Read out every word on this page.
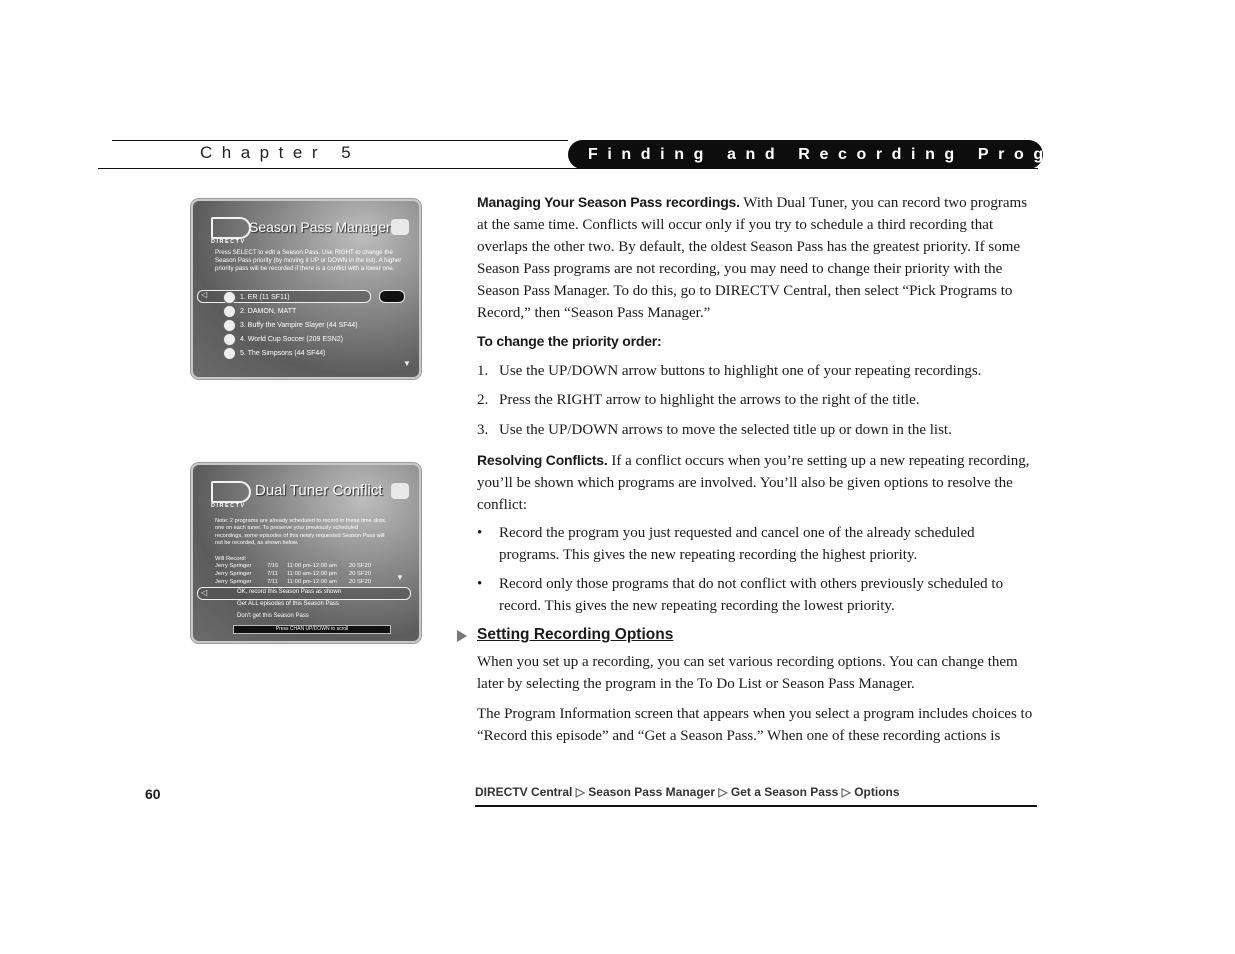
Chapter 5	Finding and Recording Programs
DIRECTV
Season Pass Manager
Press SELECT to edit a Season Pass. Use RIGHT to change the Season Pass priority (by moving it UP or DOWN in the list). A higher priority pass will be recorded if there is a conflict with a lower one.
◁	1. ER (11 SF11)
2. DAMON, MATT
3. Buffy the Vampire Slayer (44 SF44)
4. World Cup Soccer (209 ESN2)
5. The Simpsons (44 SF44)
▼
DIRECTV
Dual Tuner Conflict
Note: 2 programs are already scheduled to record in these time slots, one on each tuner. To preserve your previously scheduled recordings, some episodes of this newly requested Season Pass will not be recorded, as shown below.
Will Record:
Jerry Springer	7/10	11:00 pm-12:00 am	20 SF20
Jerry Springer	7/11	11:00 am-12:00 pm	20 SF20
Jerry Springer	7/11	11:00 pm-12:00 am	20 SF20	▼
◁	OK, record this Season Pass as shown
Get ALL episodes of this Season Pass
Don't get this Season Pass
Press CHAN UP/DOWN to scroll

Managing Your Season Pass recordings. With Dual Tuner, you can record two programs at the same time. Conflicts will occur only if you try to schedule a third recording that overlaps the other two. By default, the oldest Season Pass has the greatest priority. If some Season Pass programs are not recording, you may need to change their priority with the Season Pass Manager. To do this, go to DIRECTV Central, then select “Pick Programs to Record,” then “Season Pass Manager.”

To change the priority order:

1. Use the UP/DOWN arrow buttons to highlight one of your repeating recordings.
2. Press the RIGHT arrow to highlight the arrows to the right of the title.
3. Use the UP/DOWN arrows to move the selected title up or down in the list.

Resolving Conflicts. If a conflict occurs when you’re setting up a new repeating recording, you’ll be shown which programs are involved. You’ll also be given options to resolve the conflict:

•	Record the program you just requested and cancel one of the already scheduled programs. This gives the new repeating recording the highest priority.
•	Record only those programs that do not conflict with others previously scheduled to record. This gives the new repeating recording the lowest priority.
Setting Recording Options

When you set up a recording, you can set various recording options. You can change them later by selecting the program in the To Do List or Season Pass Manager.

The Program Information screen that appears when you select a program includes choices to “Record this episode” and “Get a Season Pass.” When one of these recording actions is

60	DIRECTV Central ▷ Season Pass Manager ▷ Get a Season Pass ▷ Options
